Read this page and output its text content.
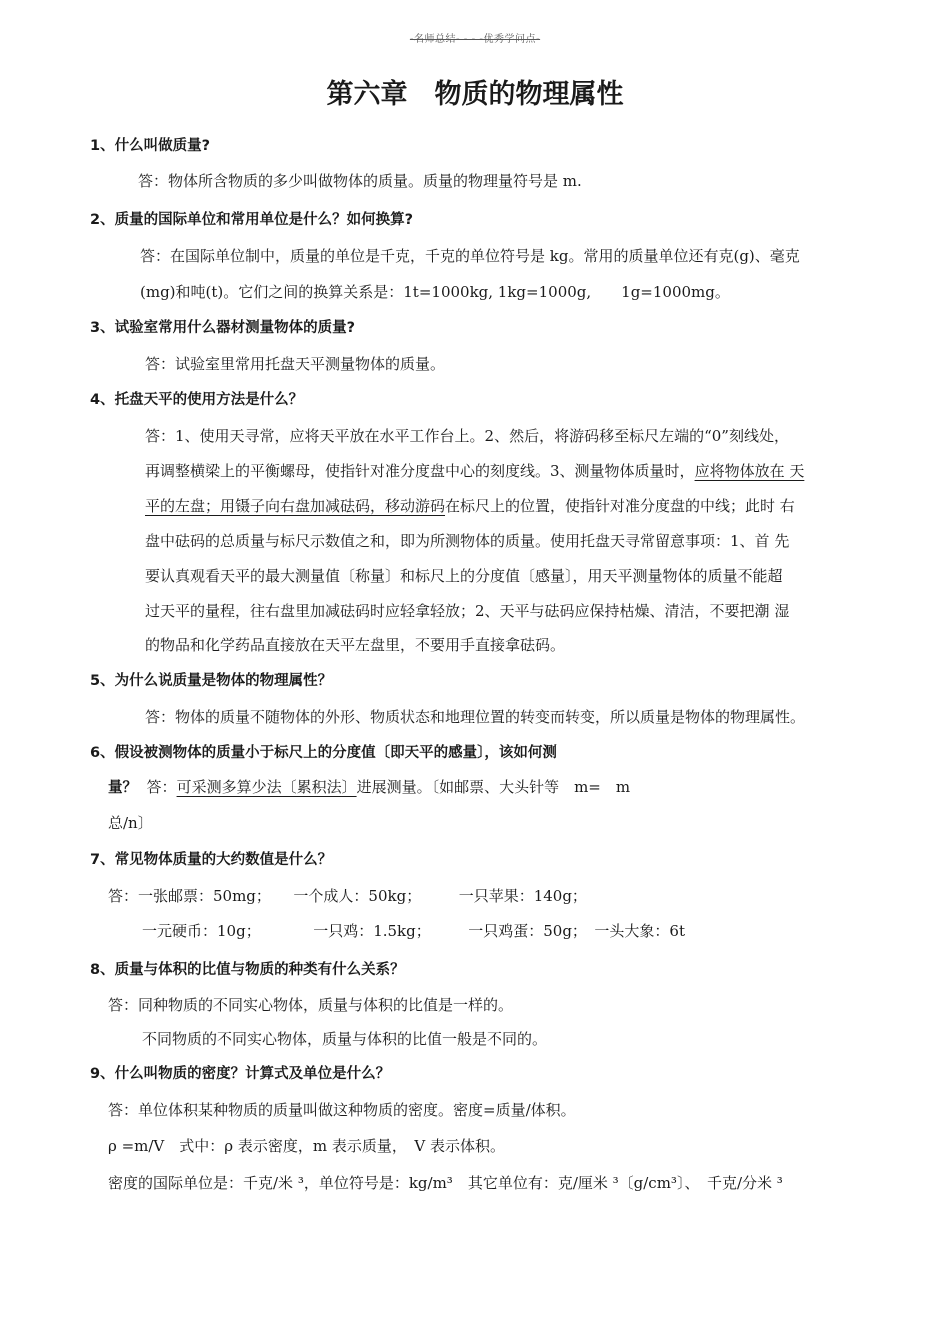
-名师总结- - - -优秀学问点-
第六章　物质的物理属性
1、什么叫做质量?
答：物体所含物质的多少叫做物体的质量。质量的物理量符号是 m.
2、质量的国际单位和常用单位是什么？如何换算?
答：在国际单位制中，质量的单位是千克，千克的单位符号是 kg。常用的质量单位还有克(g)、毫克
(mg)和吨(t)。它们之间的换算关系是：1t=1000kg, 1kg=1000g,　　1g=1000mg。
3、试验室常用什么器材测量物体的质量?
答：试验室里常用托盘天平测量物体的质量。
4、托盘天平的使用方法是什么？
答：1、使用天寻常，应将天平放在水平工作台上。2、然后，将游码移至标尺左端的“0”刻线处，
再调整横梁上的平衡螺母，使指针对准分度盘中心的刻度线。3、测量物体质量时，应将物体放在 天
平的左盘；用镊子向右盘加减砝码，移动游码在标尺上的位置，使指针对准分度盘的中线；此时 右
盘中砝码的总质量与标尺示数值之和，即为所测物体的质量。使用托盘天寻常留意事项：1、首 先
要认真观看天平的最大测量值〔称量〕和标尺上的分度值〔感量〕，用天平测量物体的质量不能超
过天平的量程，往右盘里加减砝码时应轻拿轻放；2、天平与砝码应保持枯燥、清洁，不要把潮 湿
的物品和化学药品直接放在天平左盘里，不要用手直接拿砝码。
5、为什么说质量是物体的物理属性？
答：物体的质量不随物体的外形、物质状态和地理位置的转变而转变，所以质量是物体的物理属性。
6、假设被测物体的质量小于标尺上的分度值〔即天平的感量〕，该如何测
量？ 答：可采测多算少法〔累积法〕进展测量。〔如邮票、大头针等　m=　m
总/n〕
7、常见物体质量的大约数值是什么？
答：一张邮票：50mg；　　一个成人：50kg；　　　一只苹果：140g；
一元硬币：10g；　　　　一只鸡：1.5kg；　　　一只鸡蛋：50g；　一头大象：6t
8、质量与体积的比值与物质的种类有什么关系？
答：同种物质的不同实心物体，质量与体积的比值是一样的。
不同物质的不同实心物体，质量与体积的比值一般是不同的。
9、什么叫物质的密度？计算式及单位是什么？
答：单位体积某种物质的质量叫做这种物质的密度。密度=质量/体积。
ρ =m/V　式中：ρ 表示密度，m 表示质量，　V 表示体积。
密度的国际单位是：千克/米 ³，单位符号是：kg/m³　其它单位有：克/厘米 ³〔g/cm³〕、　千克/分米 ³
